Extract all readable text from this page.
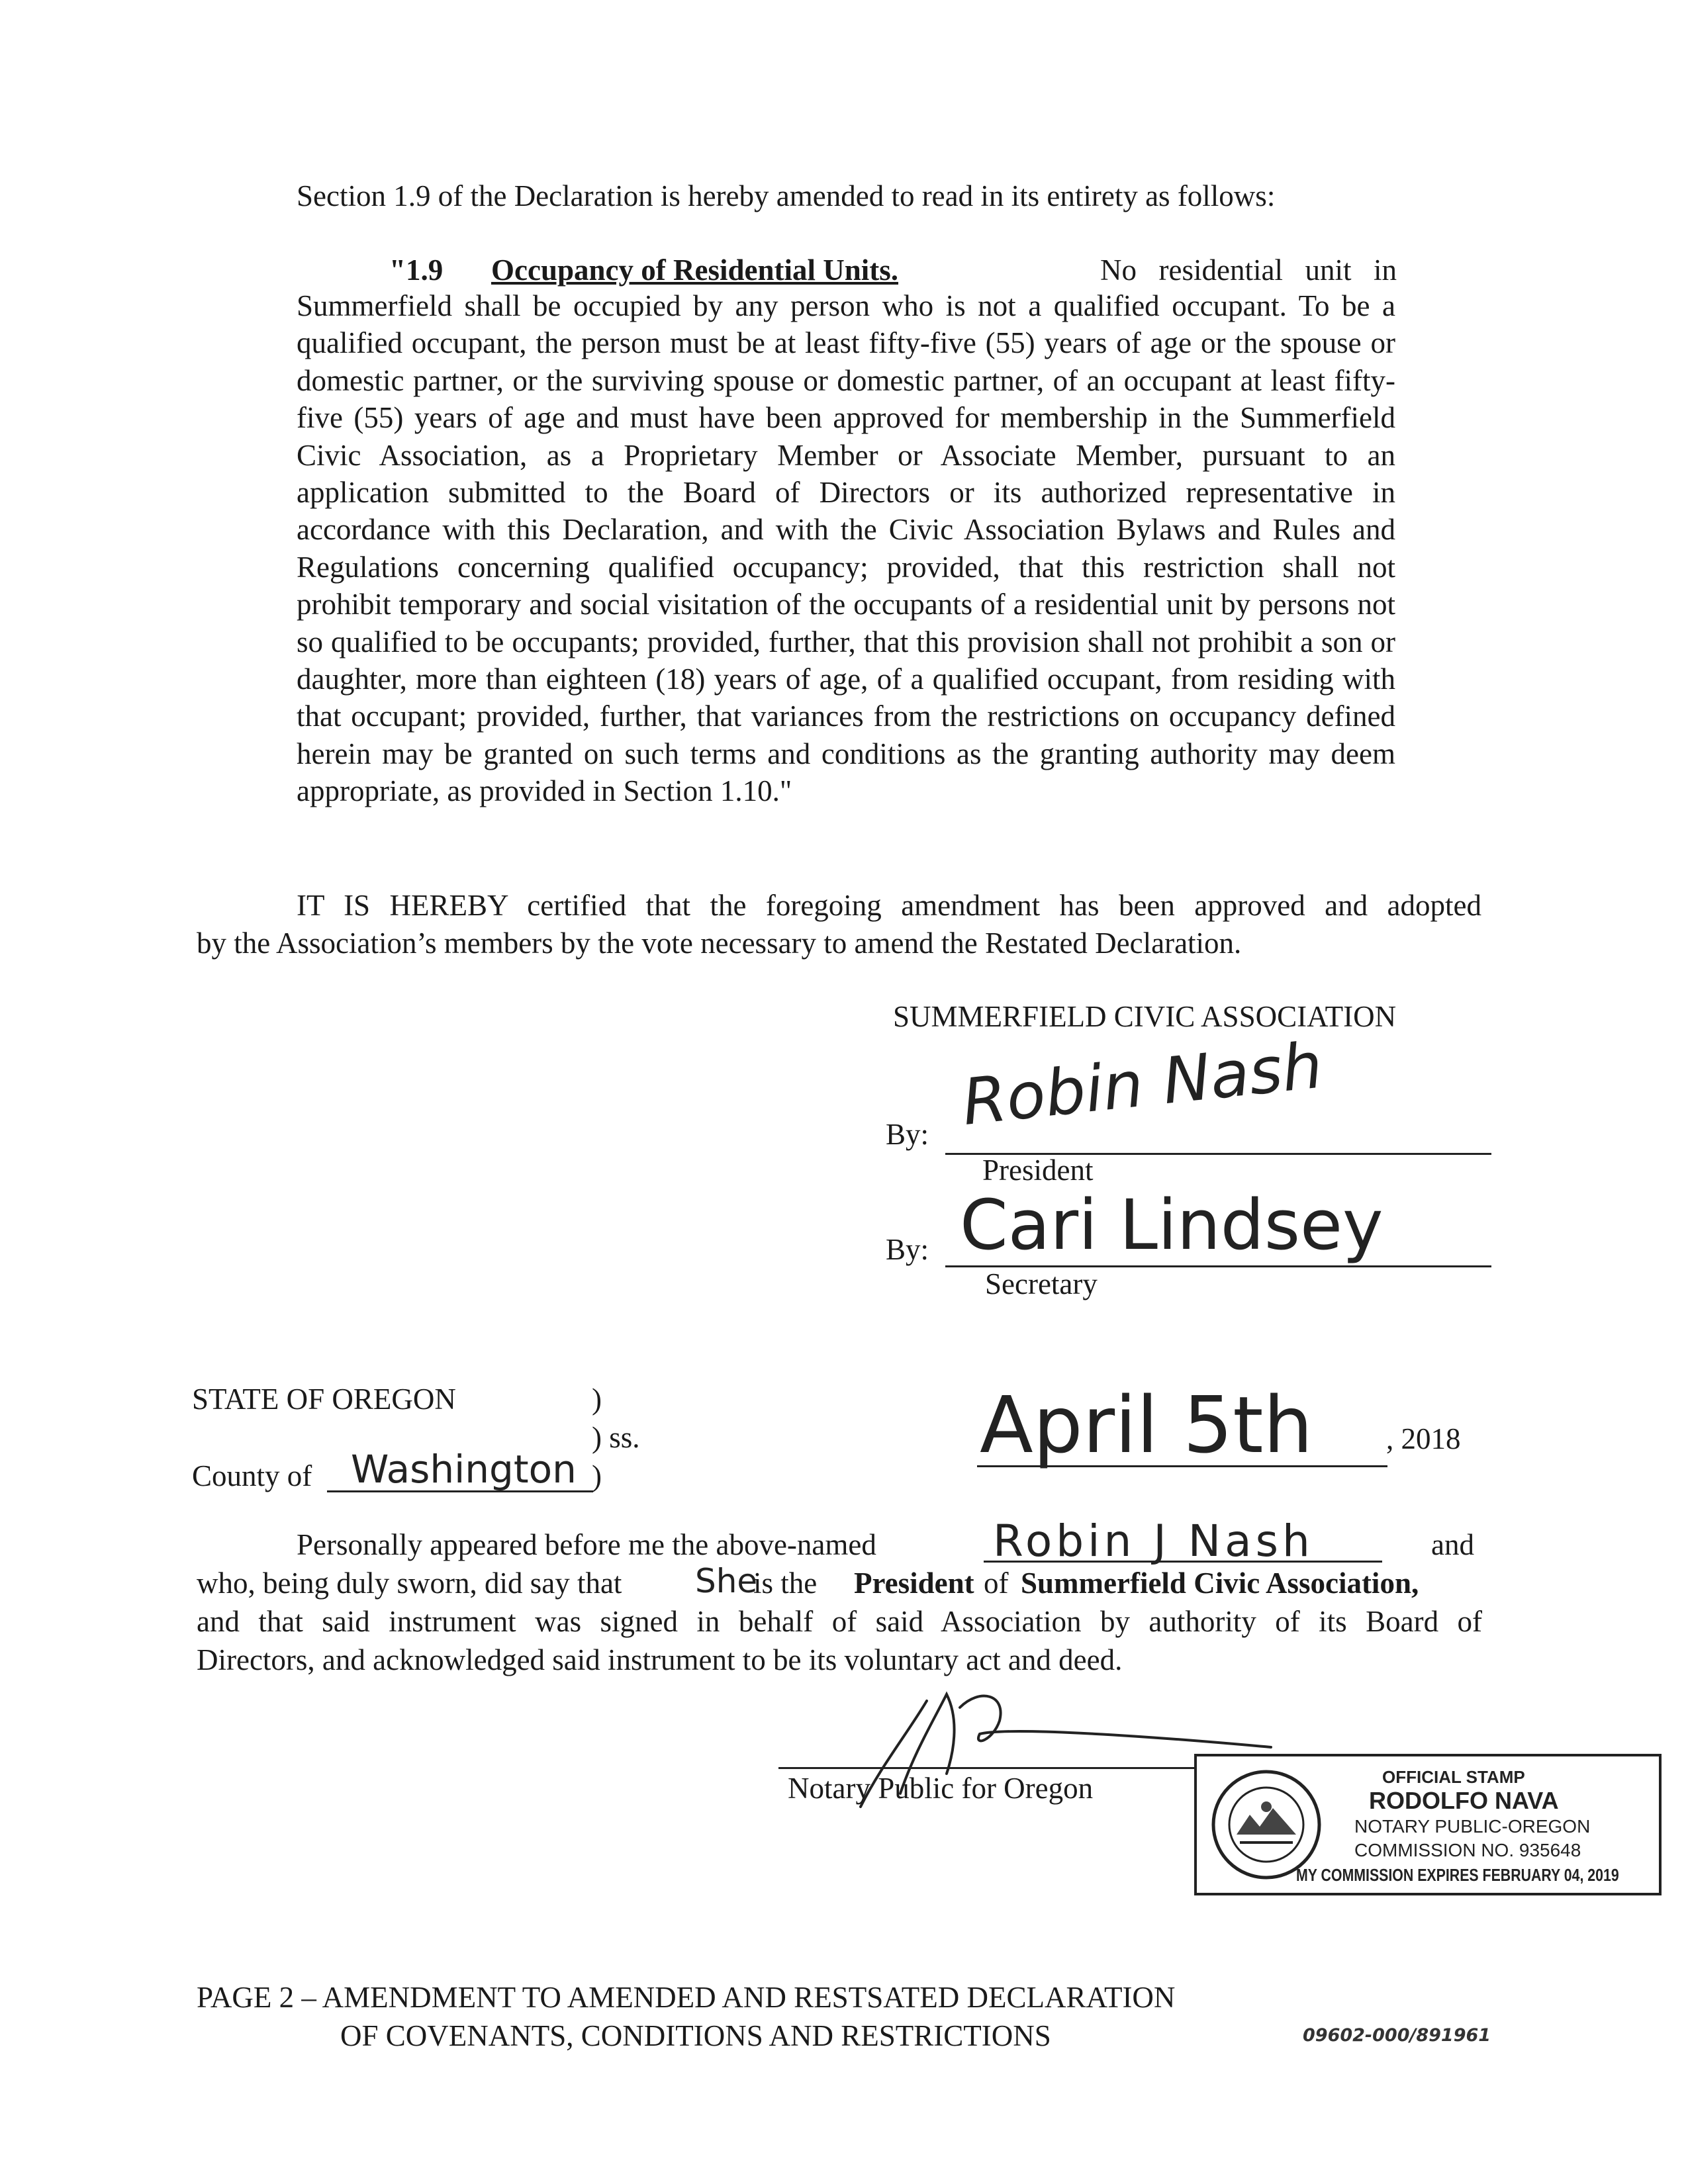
Section 1.9 of the Declaration is hereby amended to read in its entirety as follows:
"1.9 Occupancy of Residential Units.	No residential unit in
Summerfield shall be occupied by any person who is not a qualified occupant. To be a qualified occupant, the person must be at least fifty-five (55) years of age or the spouse or domestic partner, or the surviving spouse or domestic partner, of an occupant at least fifty-five (55) years of age and must have been approved for membership in the Summerfield Civic Association, as a Proprietary Member or Associate Member, pursuant to an application submitted to the Board of Directors or its authorized representative in accordance with this Declaration, and with the Civic Association Bylaws and Rules and Regulations concerning qualified occupancy; provided, that this restriction shall not prohibit temporary and social visitation of the occupants of a residential unit by persons not so qualified to be occupants; provided, further, that this provision shall not prohibit a son or daughter, more than eighteen (18) years of age, of a qualified occupant, from residing with that occupant; provided, further, that variances from the restrictions on occupancy defined herein may be granted on such terms and conditions as the granting authority may deem appropriate, as provided in Section 1.10."
IT IS HEREBY certified that the foregoing amendment has been approved and adopted
by the Association’s members by the vote necessary to amend the Restated Declaration.
SUMMERFIELD CIVIC ASSOCIATION
By: Robin Nash
President
By: Cari Lindsey
Secretary
STATE OF OREGON	)
) ss.
County of Washington )
April 5th , 2018
Personally appeared before me the above-named	Robin J Nash	and
who, being duly sworn, did say that She
is the President of Summerfield Civic Association,
and that said instrument was signed in behalf of said Association by authority of its Board of
Directors, and acknowledged said instrument to be its voluntary act and deed.
Notary Public for Oregon	OFFICIAL STAMP
RODOLFO NAVA
NOTARY PUBLIC-OREGON
COMMISSION NO. 935648
MY COMMISSION EXPIRES FEBRUARY 04, 2019
PAGE 2 – AMENDMENT TO AMENDED AND RESTSATED DECLARATION
OF COVENANTS, CONDITIONS AND RESTRICTIONS	09602-000/891961
